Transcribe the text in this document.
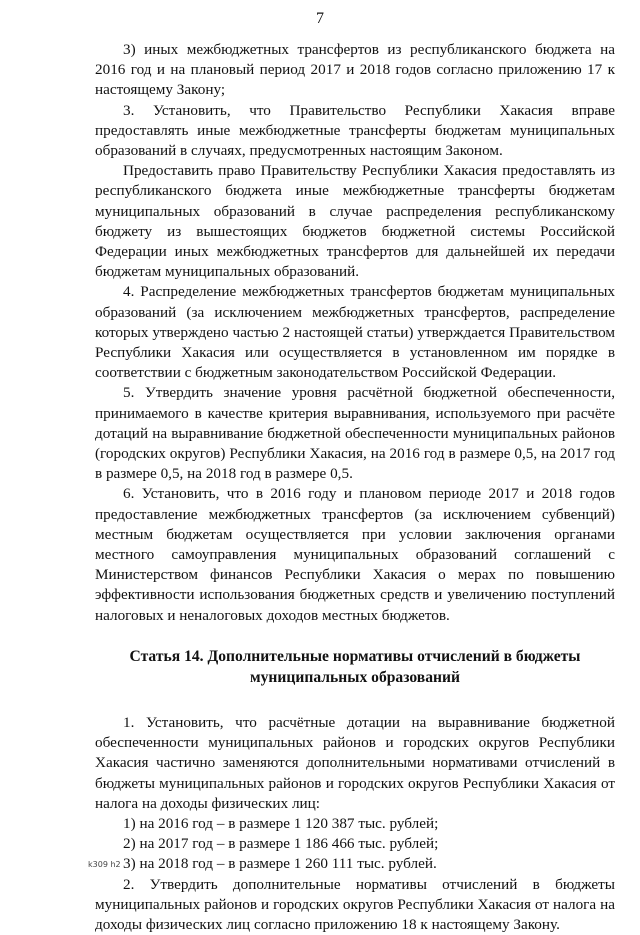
7

3) иных межбюджетных трансфертов из республиканского бюджета на 2016 год и на плановый период 2017 и 2018 годов согласно приложению 17 к настоящему Закону;

3. Установить, что Правительство Республики Хакасия вправе предоставлять иные межбюджетные трансферты бюджетам муниципальных образований в случаях, предусмотренных настоящим Законом.

Предоставить право Правительству Республики Хакасия предоставлять из республиканского бюджета иные межбюджетные трансферты бюджетам муниципальных образований в случае распределения республиканскому бюджету из вышестоящих бюджетов бюджетной системы Российской Федерации иных межбюджетных трансфертов для дальнейшей их передачи бюджетам муниципальных образований.

4. Распределение межбюджетных трансфертов бюджетам муниципальных образований (за исключением межбюджетных трансфертов, распределение которых утверждено частью 2 настоящей статьи) утверждается Правительством Республики Хакасия или осуществляется в установленном им порядке в соответствии с бюджетным законодательством Российской Федерации.

5. Утвердить значение уровня расчётной бюджетной обеспеченности, принимаемого в качестве критерия выравнивания, используемого при расчёте дотаций на выравнивание бюджетной обеспеченности муниципальных районов (городских округов) Республики Хакасия, на 2016 год в размере 0,5, на 2017 год в размере 0,5, на 2018 год в размере 0,5.

6. Установить, что в 2016 году и плановом периоде 2017 и 2018 годов предоставление межбюджетных трансфертов (за исключением субвенций) местным бюджетам осуществляется при условии заключения органами местного самоуправления муниципальных образований соглашений с Министерством финансов Республики Хакасия о мерах по повышению эффективности использования бюджетных средств и увеличению поступлений налоговых и неналоговых доходов местных бюджетов.

Статья 14. Дополнительные нормативы отчислений в бюджеты
муниципальных образований

1. Установить, что расчётные дотации на выравнивание бюджетной обеспеченности муниципальных районов и городских округов Республики Хакасия частично заменяются дополнительными нормативами отчислений в бюджеты муниципальных районов и городских округов Республики Хакасия от налога на доходы физических лиц:

1) на 2016 год – в размере 1 120 387 тыс. рублей;

2) на 2017 год – в размере 1 186 466 тыс. рублей;

3) на 2018 год – в размере 1 260 111 тыс. рублей.

2. Утвердить дополнительные нормативы отчислений в бюджеты муниципальных районов и городских округов Республики Хакасия от налога на доходы физических лиц согласно приложению 18 к настоящему Закону.

k309 h2
